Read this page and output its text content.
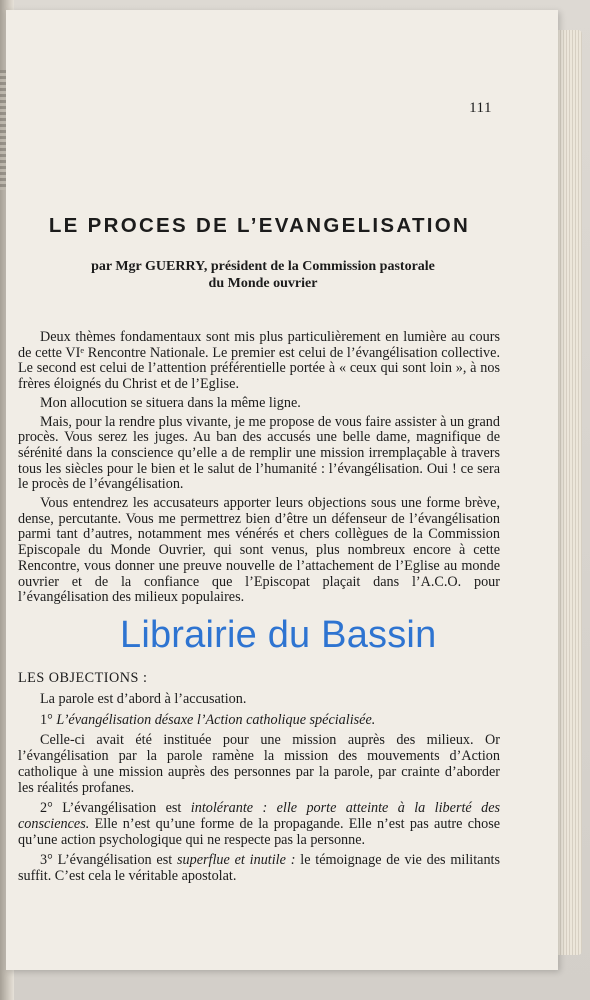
111
LE PROCES DE L’EVANGELISATION
par Mgr GUERRY, président de la Commission pastorale
du Monde ouvrier

Deux thèmes fondamentaux sont mis plus particulièrement en lumière au cours de cette VIᵉ Rencontre Nationale. Le premier est celui de l’évangélisation collective. Le second est celui de l’attention préférentielle portée à « ceux qui sont loin », à nos frères éloignés du Christ et de l’Eglise.

Mon allocution se situera dans la même ligne.

Mais, pour la rendre plus vivante, je me propose de vous faire assister à un grand procès. Vous serez les juges. Au ban des accusés une belle dame, magnifique de sérénité dans la conscience qu’elle a de remplir une mission irremplaçable à travers tous les siècles pour le bien et le salut de l’humanité : l’évangélisation. Oui ! ce sera le procès de l’évangélisation.

Vous entendrez les accusateurs apporter leurs objections sous une forme brève, dense, percutante. Vous me permettrez bien d’être un défenseur de l’évangélisation parmi tant d’autres, notamment mes vénérés et chers collègues de la Commission Episcopale du Monde Ouvrier, qui sont venus, plus nombreux encore à cette Rencontre, vous donner une preuve nouvelle de l’attachement de l’Eglise au monde ouvrier et de la confiance que l’Episcopat plaçait dans l’A.C.O. pour l’évangélisation des milieux populaires.

LES OBJECTIONS :

La parole est d’abord à l’accusation.

1° L’évangélisation désaxe l’Action catholique spécialisée.

Celle-ci avait été instituée pour une mission auprès des milieux. Or l’évangélisation par la parole ramène la mission des mouvements d’Action catholique à une mission auprès des personnes par la parole, par crainte d’aborder les réalités profanes.

2° L’évangélisation est intolérante : elle porte atteinte à la liberté des consciences. Elle n’est qu’une forme de la propagande. Elle n’est pas autre chose qu’une action psychologique qui ne respecte pas la personne.

3° L’évangélisation est superflue et inutile : le témoignage de vie des militants suffit. C’est cela le véritable apostolat.

Librairie du Bassin
